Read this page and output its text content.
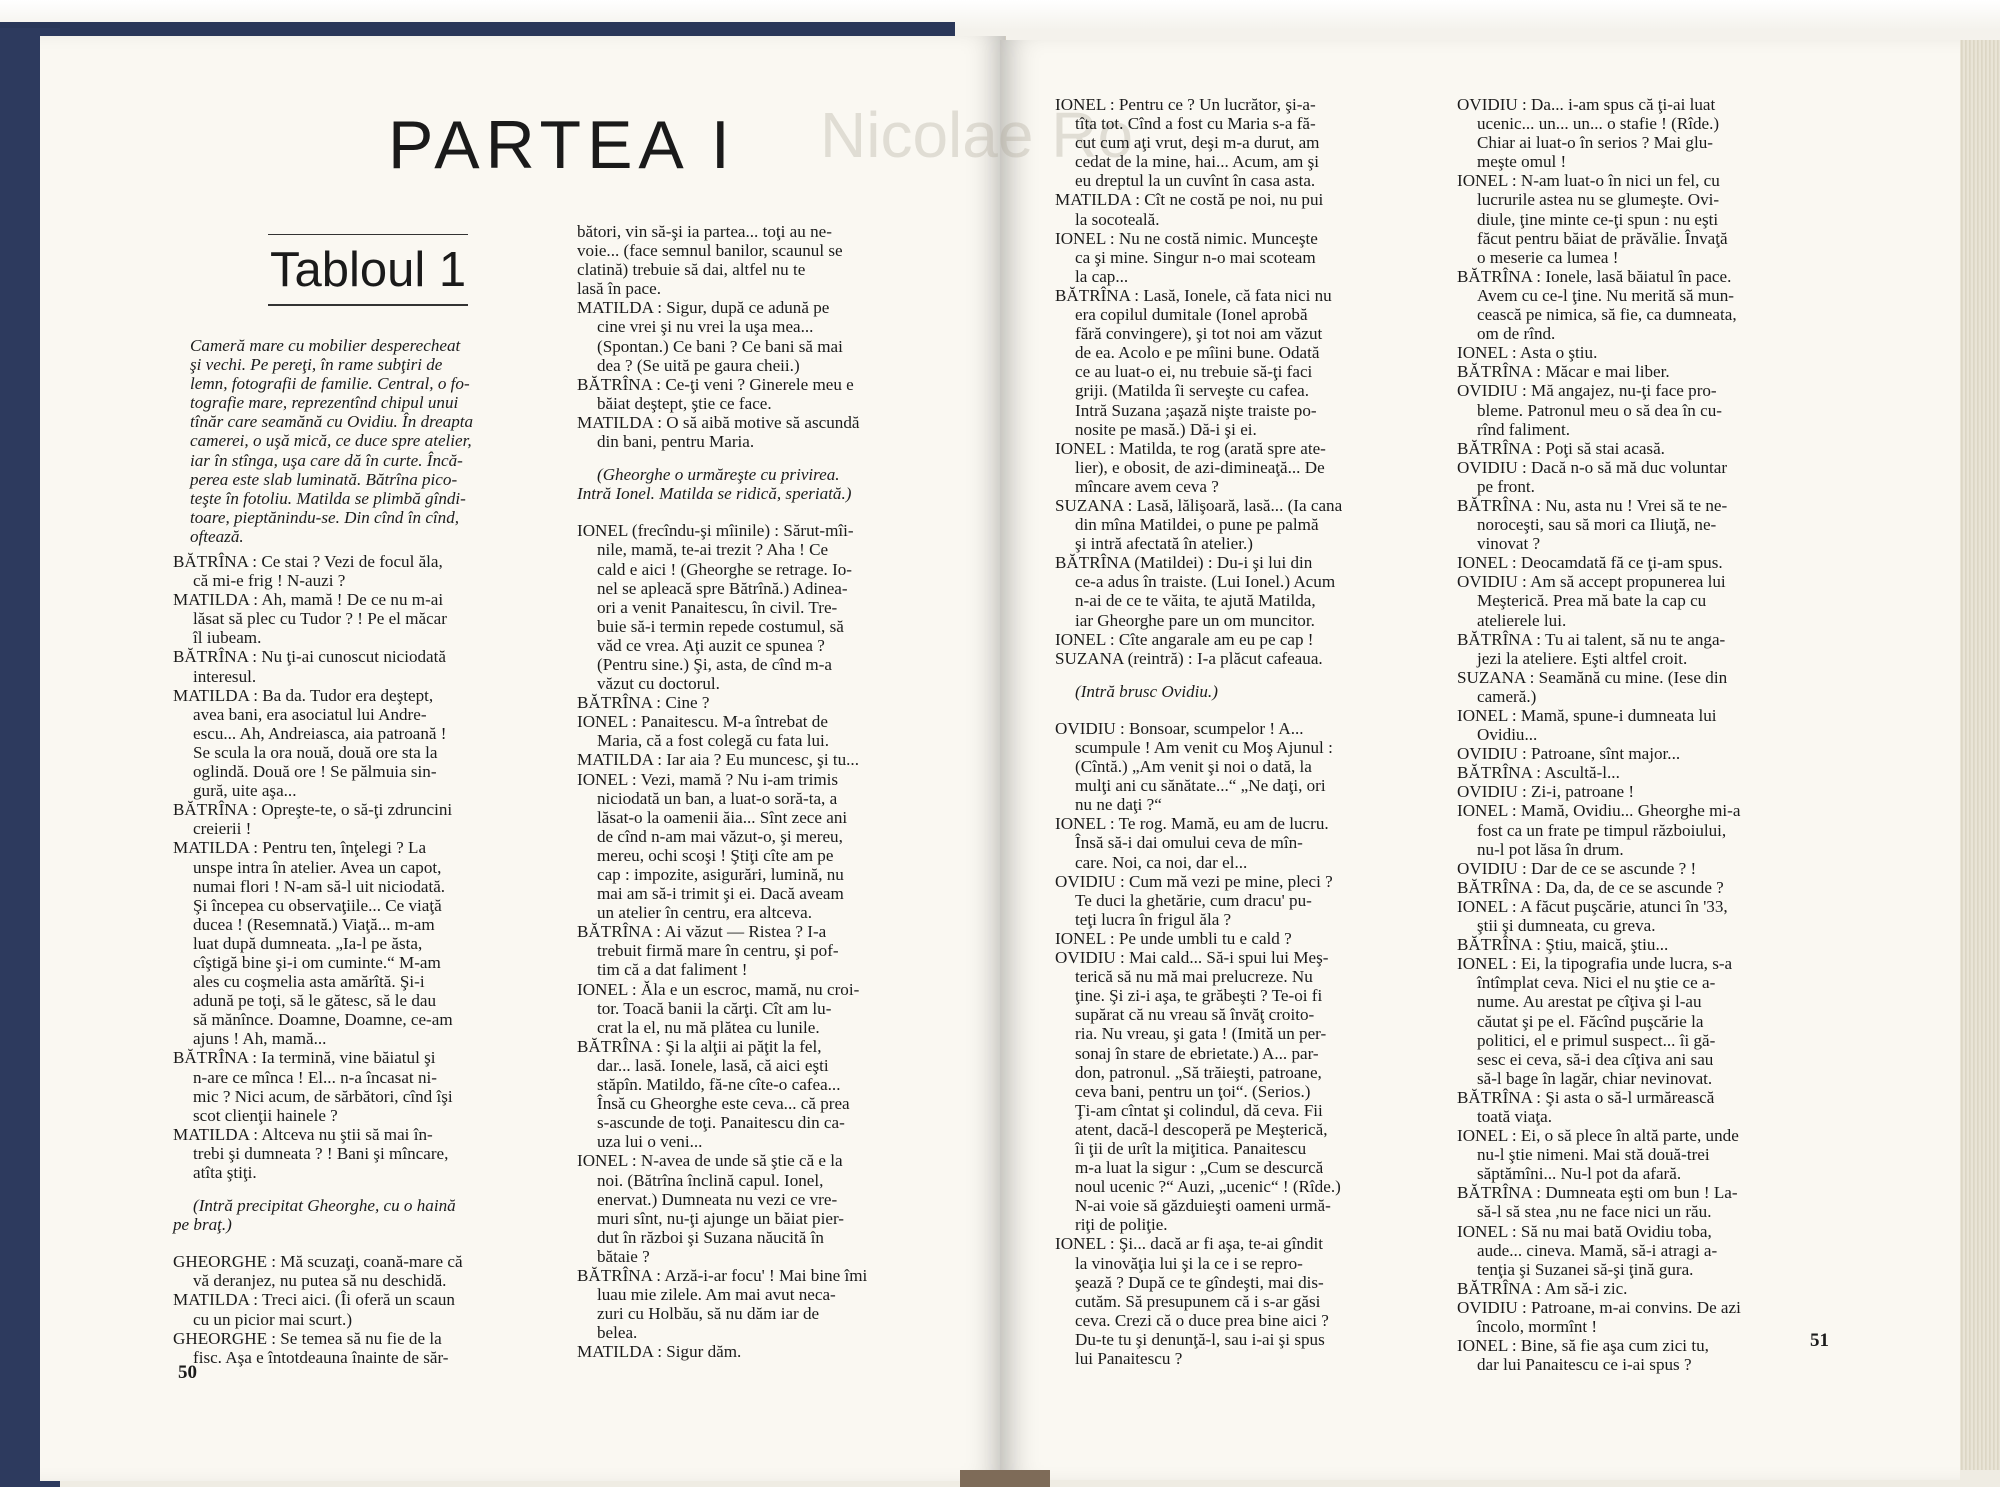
PARTEA I
Tabloul 1
Cameră mare cu mobilier desperecheat
şi vechi. Pe pereţi, în rame subţiri de
lemn, fotografii de familie. Central, o fo-
tografie mare, reprezentînd chipul unui
tînăr care seamănă cu Ovidiu. În dreapta
camerei, o uşă mică, ce duce spre atelier,
iar în stînga, uşa care dă în curte. Încă-
perea este slab luminată. Bătrîna pico-
teşte în fotoliu. Matilda se plimbă gîndi-
toare, pieptănindu-se. Din cînd în cînd,
oftează.
BĂTRÎNA : Ce stai ? Vezi de focul ăla,
că mi-e frig ! N-auzi ?
MATILDA : Ah, mamă ! De ce nu m-ai
lăsat să plec cu Tudor ? ! Pe el măcar
îl iubeam.
BĂTRÎNA : Nu ţi-ai cunoscut niciodată
interesul.
MATILDA : Ba da. Tudor era deştept,
avea bani, era asociatul lui Andre-
escu... Ah, Andreiasca, aia patroană !
Se scula la ora nouă, două ore sta la
oglindă. Două ore ! Se pălmuia sin-
gură, uite aşa...
BĂTRÎNA : Opreşte-te, o să-ţi zdruncini
creierii !
MATILDA : Pentru ten, înţelegi ? La
unspe intra în atelier. Avea un capot,
numai flori ! N-am să-l uit niciodată.
Şi începea cu observaţiile... Ce viaţă
ducea ! (Resemnată.) Viaţă... m-am
luat după dumneata. „Ia-l pe ăsta,
cîştigă bine şi-i om cuminte.“ M-am
ales cu coşmelia asta amărîtă. Şi-i
adună pe toţi, să le gătesc, să le dau
să mănînce. Doamne, Doamne, ce-am
ajuns ! Ah, mamă...
BĂTRÎNA : Ia termină, vine băiatul şi
n-are ce mînca ! El... n-a încasat ni-
mic ? Nici acum, de sărbători, cînd îşi
scot clienţii hainele ?
MATILDA : Altceva nu ştii să mai în-
trebi şi dumneata ? ! Bani şi mîncare,
atîta ştiţi.
(Intră precipitat Gheorghe, cu o haină
pe braţ.)
GHEORGHE : Mă scuzaţi, coană-mare că
vă deranjez, nu putea să nu deschidă.
MATILDA : Treci aici. (Îi oferă un scaun
cu un picior mai scurt.)
GHEORGHE : Se temea să nu fie de la
fisc. Aşa e întotdeauna înainte de săr-
bători, vin să-şi ia partea... toţi au ne-
voie... (face semnul banilor, scaunul se
clatină) trebuie să dai, altfel nu te
lasă în pace.
MATILDA : Sigur, după ce adună pe
cine vrei şi nu vrei la uşa mea...
(Spontan.) Ce bani ? Ce bani să mai
dea ? (Se uită pe gaura cheii.)
BĂTRÎNA : Ce-ţi veni ? Ginerele meu e
băiat deştept, ştie ce face.
MATILDA : O să aibă motive să ascundă
din bani, pentru Maria.
(Gheorghe o urmăreşte cu privirea.
Intră Ionel. Matilda se ridică, speriată.)
IONEL (frecîndu-şi mîinile) : Sărut-mîi-
nile, mamă, te-ai trezit ? Aha ! Ce
cald e aici ! (Gheorghe se retrage. Io-
nel se apleacă spre Bătrînă.) Adinea-
ori a venit Panaitescu, în civil. Tre-
buie să-i termin repede costumul, să
văd ce vrea. Aţi auzit ce spunea ?
(Pentru sine.) Şi, asta, de cînd m-a
văzut cu doctorul.
BĂTRÎNA : Cine ?
IONEL : Panaitescu. M-a întrebat de
Maria, că a fost colegă cu fata lui.
MATILDA : Iar aia ? Eu muncesc, şi tu...
IONEL : Vezi, mamă ? Nu i-am trimis
niciodată un ban, a luat-o soră-ta, a
lăsat-o la oamenii ăia... Sînt zece ani
de cînd n-am mai văzut-o, şi mereu,
mereu, ochi scoşi ! Ştiţi cîte am pe
cap : impozite, asigurări, lumină, nu
mai am să-i trimit şi ei. Dacă aveam
un atelier în centru, era altceva.
BĂTRÎNA : Ai văzut — Ristea ? I-a
trebuit firmă mare în centru, şi pof-
tim că a dat faliment !
IONEL : Ăla e un escroc, mamă, nu croi-
tor. Toacă banii la cărţi. Cît am lu-
crat la el, nu mă plătea cu lunile.
BĂTRÎNA : Şi la alţii ai păţit la fel,
dar... lasă. Ionele, lasă, că aici eşti
stăpîn. Matildo, fă-ne cîte-o cafea...
Însă cu Gheorghe este ceva... că prea
s-ascunde de toţi. Panaitescu din ca-
uza lui o veni...
IONEL : N-avea de unde să ştie că e la
noi. (Bătrîna înclină capul. Ionel,
enervat.) Dumneata nu vezi ce vre-
muri sînt, nu-ţi ajunge un băiat pier-
dut în război şi Suzana năucită în
bătaie ?
BĂTRÎNA : Arză-i-ar focu' ! Mai bine îmi
luau mie zilele. Am mai avut neca-
zuri cu Holbău, să nu dăm iar de
belea.
MATILDA : Sigur dăm.
50
Nicolae Ro
IONEL : Pentru ce ? Un lucrător, şi-a-
tîta tot. Cînd a fost cu Maria s-a fă-
cut cum aţi vrut, deşi m-a durut, am
cedat de la mine, hai... Acum, am şi
eu dreptul la un cuvînt în casa asta.
MATILDA : Cît ne costă pe noi, nu pui
la socoteală.
IONEL : Nu ne costă nimic. Munceşte
ca şi mine. Singur n-o mai scoteam
la cap...
BĂTRÎNA : Lasă, Ionele, că fata nici nu
era copilul dumitale (Ionel aprobă
fără convingere), şi tot noi am văzut
de ea. Acolo e pe mîini bune. Odată
ce au luat-o ei, nu trebuie să-ţi faci
griji. (Matilda îi serveşte cu cafea.
Intră Suzana ;aşază nişte traiste po-
nosite pe masă.) Dă-i şi ei.
IONEL : Matilda, te rog (arată spre ate-
lier), e obosit, de azi-dimineaţă... De
mîncare avem ceva ?
SUZANA : Lasă, lălişoară, lasă... (Ia cana
din mîna Matildei, o pune pe palmă
şi intră afectată în atelier.)
BĂTRÎNA (Matildei) : Du-i şi lui din
ce-a adus în traiste. (Lui Ionel.) Acum
n-ai de ce te văita, te ajută Matilda,
iar Gheorghe pare un om muncitor.
IONEL : Cîte angarale am eu pe cap !
SUZANA (reintră) : I-a plăcut cafeaua.
(Intră brusc Ovidiu.)
OVIDIU : Bonsoar, scumpelor ! A...
scumpule ! Am venit cu Moş Ajunul :
(Cîntă.) „Am venit şi noi o dată, la
mulţi ani cu sănătate...“ „Ne daţi, ori
nu ne daţi ?“
IONEL : Te rog. Mamă, eu am de lucru.
Însă să-i dai omului ceva de mîn-
care. Noi, ca noi, dar el...
OVIDIU : Cum mă vezi pe mine, pleci ?
Te duci la ghetărie, cum dracu' pu-
teţi lucra în frigul ăla ?
IONEL : Pe unde umbli tu e cald ?
OVIDIU : Mai cald... Să-i spui lui Meş-
terică să nu mă mai prelucreze. Nu
ţine. Şi zi-i aşa, te grăbeşti ? Te-oi fi
supărat că nu vreau să învăţ croito-
ria. Nu vreau, şi gata ! (Imită un per-
sonaj în stare de ebrietate.) A... par-
don, patronul. „Să trăieşti, patroane,
ceva bani, pentru un ţoi“. (Serios.)
Ţi-am cîntat şi colindul, dă ceva. Fii
atent, dacă-l descoperă pe Meşterică,
îi ţii de urît la miţitica. Panaitescu
m-a luat la sigur : „Cum se descurcă
noul ucenic ?“ Auzi, „ucenic“ ! (Rîde.)
N-ai voie să găzduieşti oameni urmă-
riţi de poliţie.
IONEL : Şi... dacă ar fi aşa, te-ai gîndit
la vinovăţia lui şi la ce i se repro-
şează ? După ce te gîndeşti, mai dis-
cutăm. Să presupunem că i s-ar găsi
ceva. Crezi că o duce prea bine aici ?
Du-te tu şi denunţă-l, sau i-ai şi spus
lui Panaitescu ?
OVIDIU : Da... i-am spus că ţi-ai luat
ucenic... un... un... o stafie ! (Rîde.)
Chiar ai luat-o în serios ? Mai glu-
meşte omul !
IONEL : N-am luat-o în nici un fel, cu
lucrurile astea nu se glumeşte. Ovi-
diule, ţine minte ce-ţi spun : nu eşti
făcut pentru băiat de prăvălie. Învaţă
o meserie ca lumea !
BĂTRÎNA : Ionele, lasă băiatul în pace.
Avem cu ce-l ţine. Nu merită să mun-
cească pe nimica, să fie, ca dumneata,
om de rînd.
IONEL : Asta o ştiu.
BĂTRÎNA : Măcar e mai liber.
OVIDIU : Mă angajez, nu-ţi face pro-
bleme. Patronul meu o să dea în cu-
rînd faliment.
BĂTRÎNA : Poţi să stai acasă.
OVIDIU : Dacă n-o să mă duc voluntar
pe front.
BĂTRÎNA : Nu, asta nu ! Vrei să te ne-
noroceşti, sau să mori ca Iliuţă, ne-
vinovat ?
IONEL : Deocamdată fă ce ţi-am spus.
OVIDIU : Am să accept propunerea lui
Meşterică. Prea mă bate la cap cu
atelierele lui.
BĂTRÎNA : Tu ai talent, să nu te anga-
jezi la ateliere. Eşti altfel croit.
SUZANA : Seamănă cu mine. (Iese din
cameră.)
IONEL : Mamă, spune-i dumneata lui
Ovidiu...
OVIDIU : Patroane, sînt major...
BĂTRÎNA : Ascultă-l...
OVIDIU : Zi-i, patroane !
IONEL : Mamă, Ovidiu... Gheorghe mi-a
fost ca un frate pe timpul războiului,
nu-l pot lăsa în drum.
OVIDIU : Dar de ce se ascunde ? !
BĂTRÎNA : Da, da, de ce se ascunde ?
IONEL : A făcut puşcărie, atunci în '33,
ştii şi dumneata, cu greva.
BĂTRÎNA : Ştiu, maică, ştiu...
IONEL : Ei, la tipografia unde lucra, s-a
întîmplat ceva. Nici el nu ştie ce a-
nume. Au arestat pe cîţiva şi l-au
căutat şi pe el. Făcînd puşcărie la
politici, el e primul suspect... îi gă-
sesc ei ceva, să-i dea cîţiva ani sau
să-l bage în lagăr, chiar nevinovat.
BĂTRÎNA : Şi asta o să-l urmărească
toată viaţa.
IONEL : Ei, o să plece în altă parte, unde
nu-l ştie nimeni. Mai stă două-trei
săptămîni... Nu-l pot da afară.
BĂTRÎNA : Dumneata eşti om bun ! La-
să-l să stea ,nu ne face nici un rău.
IONEL : Să nu mai bată Ovidiu toba,
aude... cineva. Mamă, să-i atragi a-
tenţia şi Suzanei să-şi ţină gura.
BĂTRÎNA : Am să-i zic.
OVIDIU : Patroane, m-ai convins. De azi
încolo, mormînt !
IONEL : Bine, să fie aşa cum zici tu,
dar lui Panaitescu ce i-ai spus ?
51
